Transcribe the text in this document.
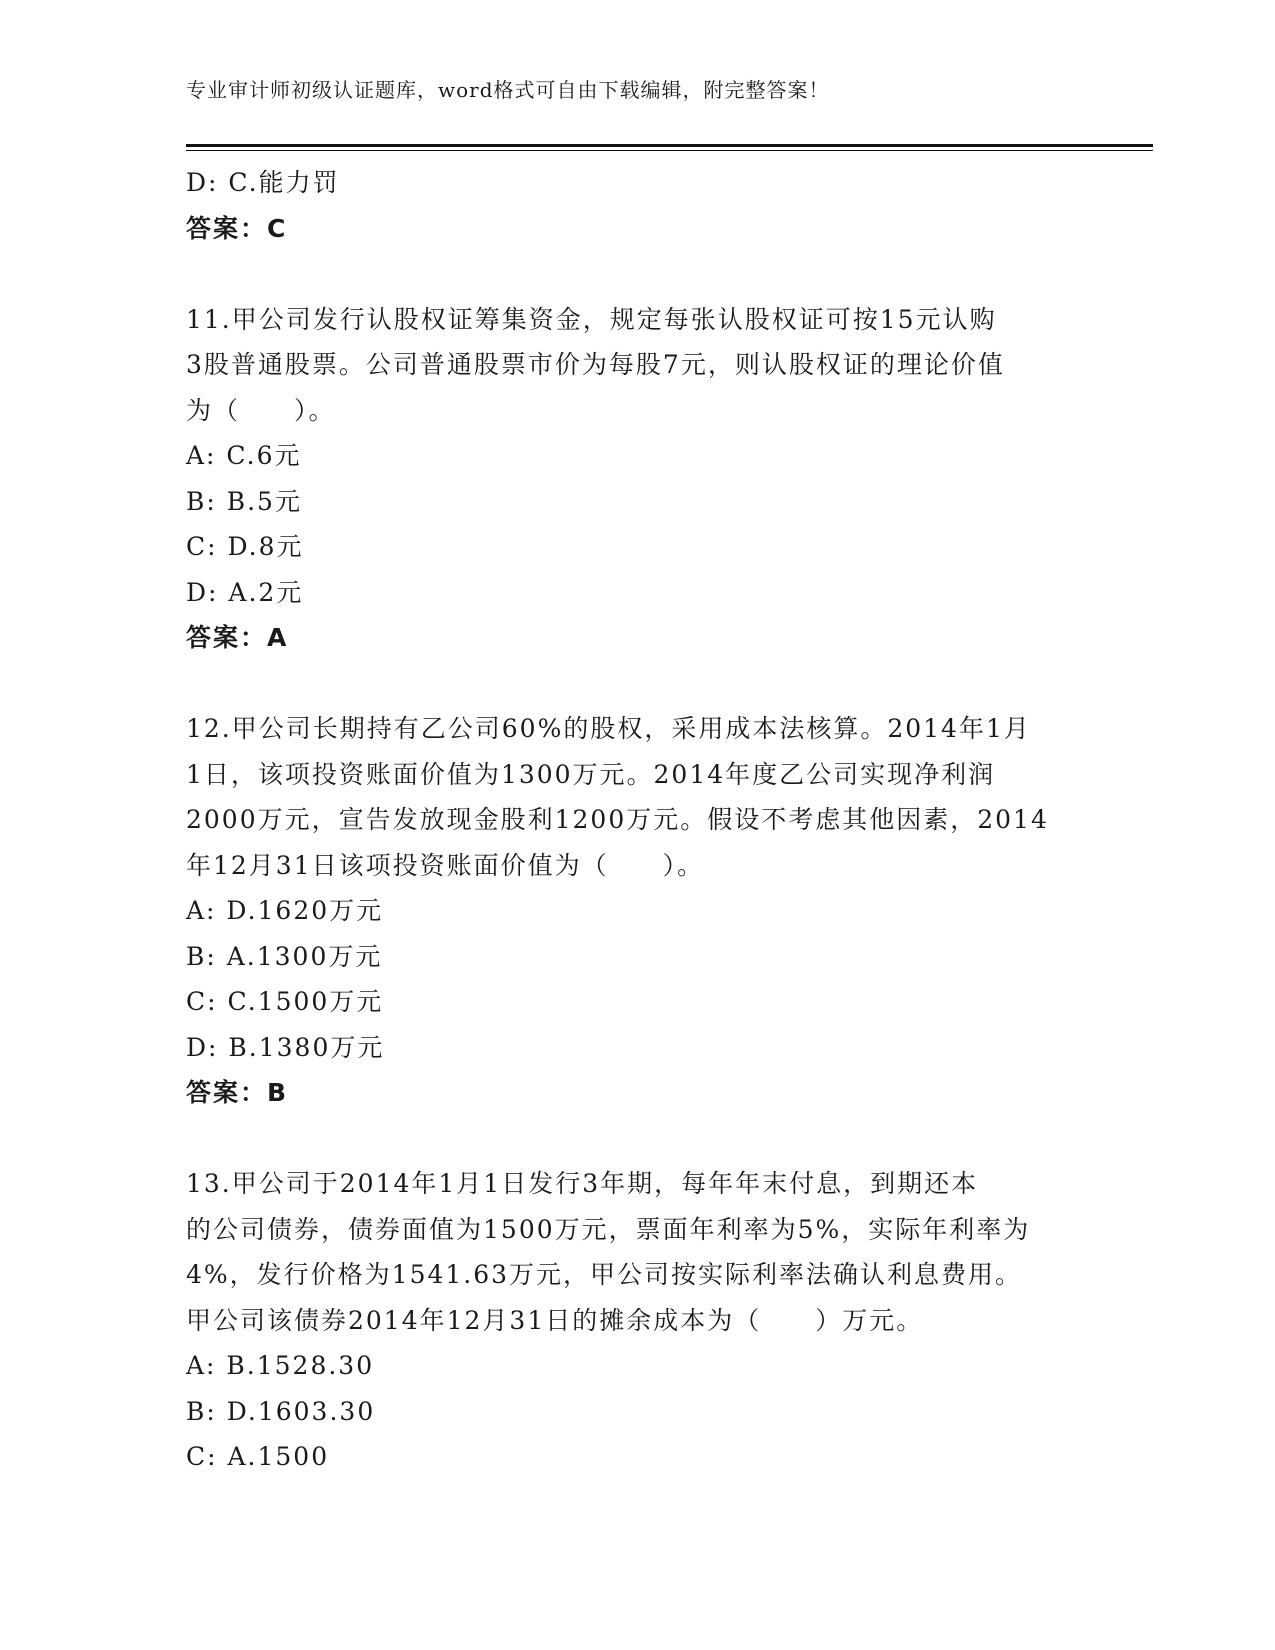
专业审计师初级认证题库，word格式可自由下载编辑，附完整答案！
D: C.能力罚
答案：C
11.甲公司发行认股权证筹集资金，规定每张认股权证可按15元认购
3股普通股票。公司普通股票市价为每股7元，则认股权证的理论价值
为（　　）。
A: C.6元
B: B.5元
C: D.8元
D: A.2元
答案：A
12.甲公司长期持有乙公司60%的股权，采用成本法核算。2014年1月
1日，该项投资账面价值为1300万元。2014年度乙公司实现净利润
2000万元，宣告发放现金股利1200万元。假设不考虑其他因素，2014
年12月31日该项投资账面价值为（　　）。
A: D.1620万元
B: A.1300万元
C: C.1500万元
D: B.1380万元
答案：B
13.甲公司于2014年1月1日发行3年期，每年年末付息，到期还本
的公司债券，债券面值为1500万元，票面年利率为5%，实际年利率为
4%，发行价格为1541.63万元，甲公司按实际利率法确认利息费用。
甲公司该债券2014年12月31日的摊余成本为（　　）万元。
A: B.1528.30
B: D.1603.30
C: A.1500
